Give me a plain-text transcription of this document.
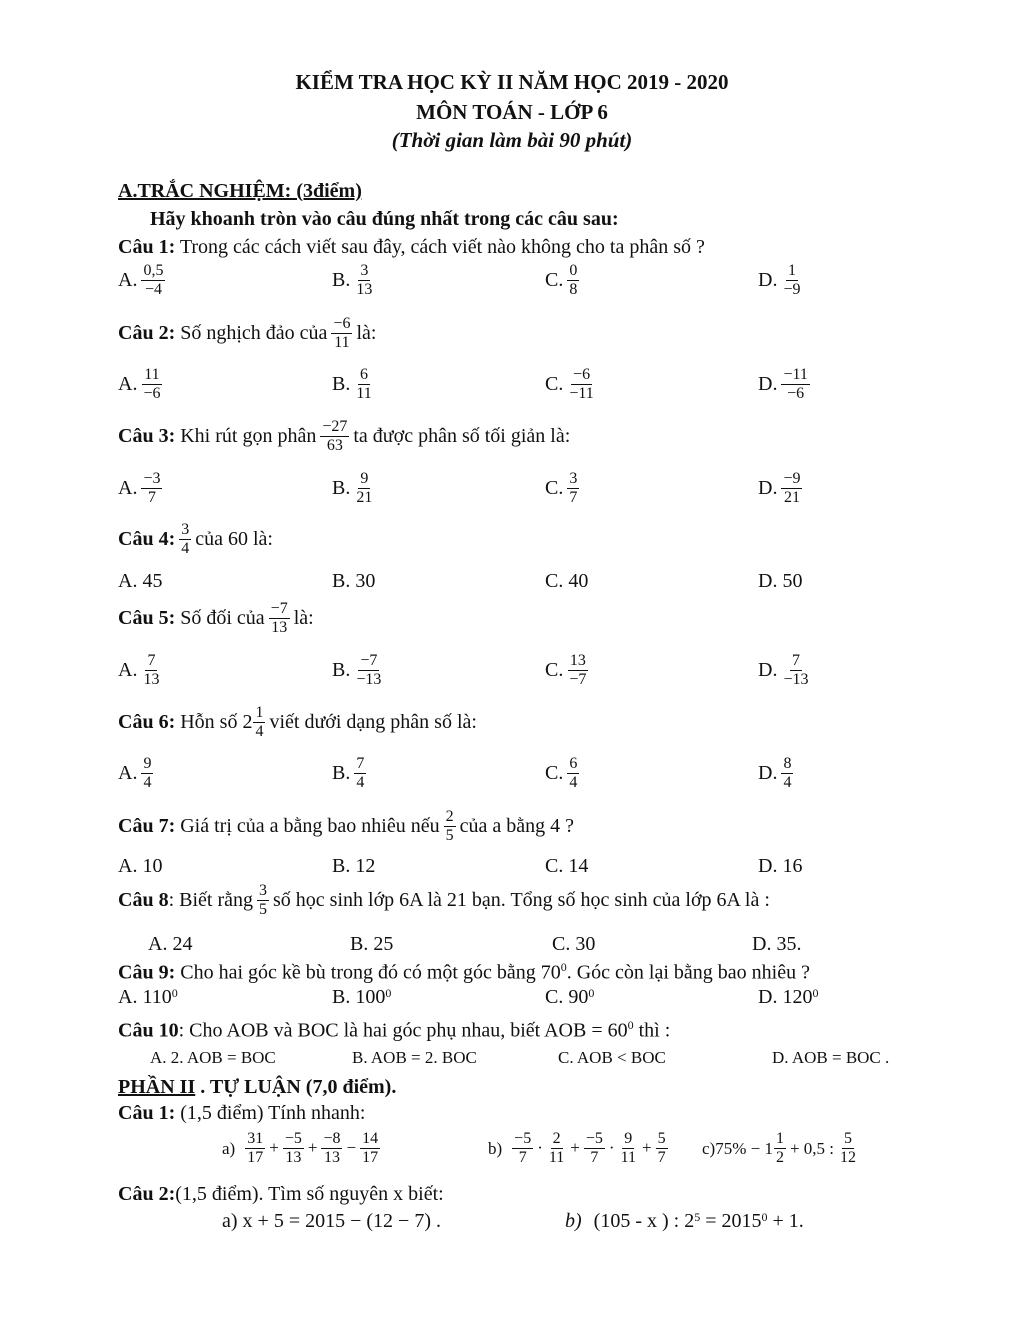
KIỂM TRA HỌC KỲ II NĂM HỌC 2019 - 2020
MÔN TOÁN - LỚP 6
(Thời gian làm bài 90 phút)
A.TRẮC NGHIỆM: (3điểm)
Hãy khoanh tròn vào câu đúng nhất trong các câu sau:
Câu 1: Trong các cách viết sau đây, cách viết nào không cho ta phân số ?
A. $\frac{0,5}{-4}$	B. $\frac{3}{13}$	C. $\frac{0}{8}$	D. $\frac{1}{-9}$
Câu 2:
Số nghịch đảo của $\frac{-6}{11}$ là:
A. $\frac{11}{-6}$	B. $\frac{6}{11}$	C. $\frac{-6}{-11}$	D. $\frac{-11}{-6}$
Câu 3:
Khi rút gọn phân $\frac{-27}{63}$ ta được phân số tối giản là:
A. $\frac{-3}{7}$	B. $\frac{9}{21}$	C. $\frac{3}{7}$	D. $\frac{-9}{21}$
Câu 4: $\frac{3}{4}$ của 60 là:
A. 45	B. 30	C. 40	D. 50
Câu 5:
Số đối của $\frac{-7}{13}$ là:
A. $\frac{7}{13}$	B. $\frac{-7}{-13}$	C. $\frac{13}{-7}$	D. $\frac{7}{-13}$
Câu 6:
Hỗn số
$2 \frac{1}{4}$ viết dưới dạng phân số là:
A. $\frac{9}{4}$	B. $\frac{7}{4}$	C. $\frac{6}{4}$	D. $\frac{8}{4}$
Câu 7:
Giá trị của a bằng bao nhiêu nếu $\frac{2}{5}$ của a bằng 4 ?
A. 10	B. 12	C. 14	D. 16
Câu 8 : Biết rằng $\frac{3}{5}$ số học sinh lớp 6A là 21 bạn. Tổng số học sinh của lớp 6A là :
A. 24	B. 25	C. 30	D. 35.
Câu 9: Cho hai góc kề bù trong đó có một góc bằng $70^0$. Góc còn lại bằng bao nhiêu ?
A. $110^0$	B. $100^0$	C. $90^0$	D. $120^0$
Câu 10: Cho AOB và BOC là hai góc phụ nhau, biết AOB = $60^0$ thì :
A. 2. AOB = BOC	B. AOB = 2. BOC	C. AOB < BOC	D. AOB = BOC .
PHẦN II . TỰ LUẬN (7,0 điểm).
Câu 1: (1,5 điểm) Tính nhanh:
$a) \frac{31}{17} + \frac{-5}{13} + \frac{-8}{13} - \frac{14}{17}$	$b) \frac{-5}{7} \cdot \frac{2}{11} + \frac{-5}{7} \cdot \frac{9}{11} + \frac{5}{7} c$) $75\% - 1 \frac{1}{2} + 0,5$ : $\frac{5}{12}$
Câu 2:(1,5 điểm). Tìm số nguyên x biết:
a) x + 5 = 2015 − (12 − 7) .	b) (105 - x ) : $2^5 = 2015^0 + 1$.
